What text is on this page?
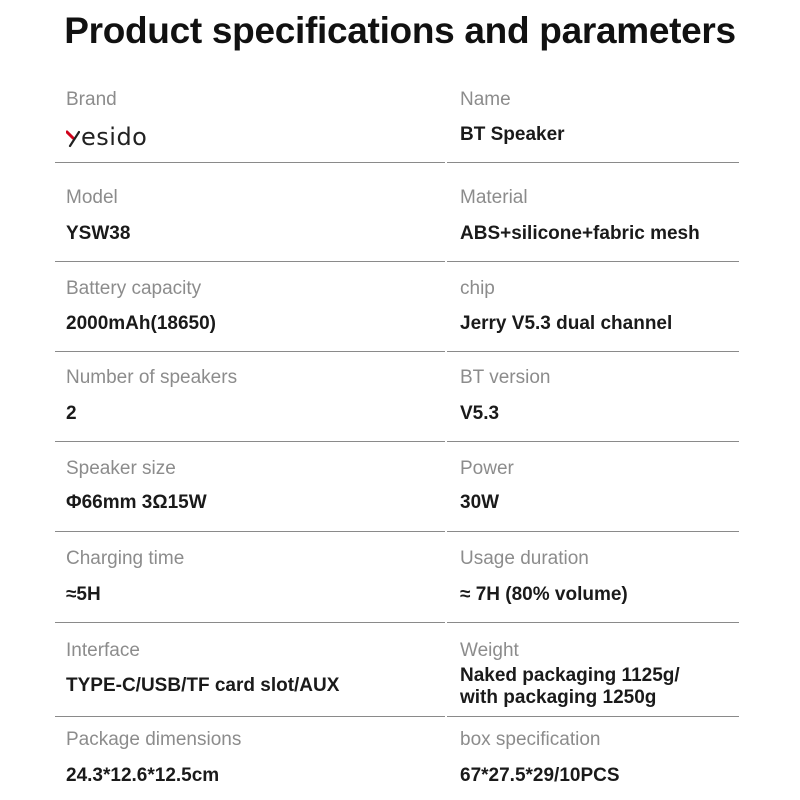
Product specifications and parameters
Brand
esido
Name
BT Speaker
Model
YSW38
Material
ABS+silicone+fabric mesh
Battery capacity
2000mAh(18650)
chip
Jerry V5.3 dual channel
Number of speakers
2
BT version
V5.3
Speaker size
Φ66mm 3Ω15W
Power
30W
Charging time
≈5H
Usage duration
≈ 7H (80% volume)
Interface
TYPE-C/USB/TF card slot/AUX
Weight
Naked packaging 1125g/
with packaging 1250g
Package dimensions
24.3*12.6*12.5cm
box specification
67*27.5*29/10PCS
